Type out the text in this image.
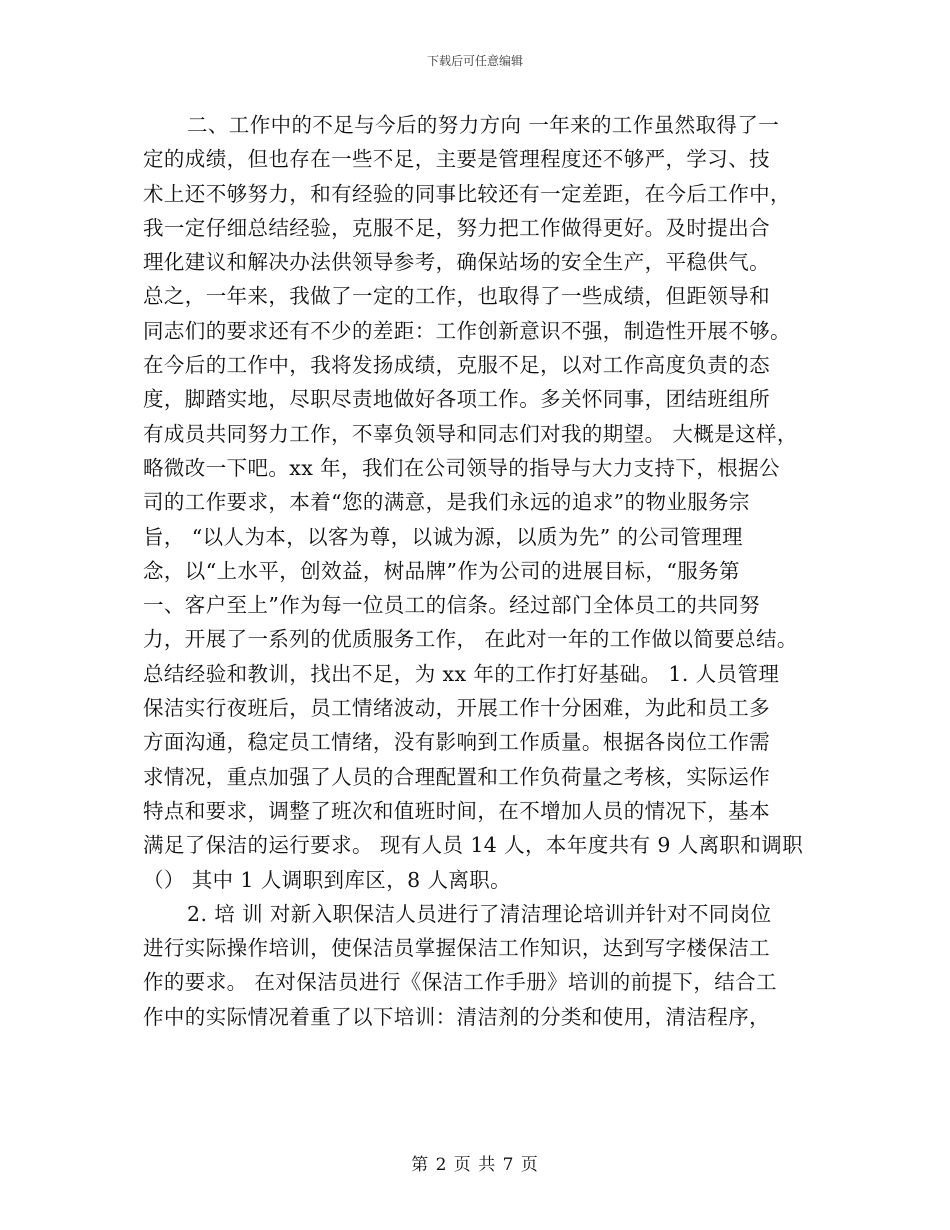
下载后可任意编辑
二、工作中的不足与今后的努力方向 一年来的工作虽然取得了一
定的成绩，但也存在一些不足，主要是管理程度还不够严，学习、技
术上还不够努力，和有经验的同事比较还有一定差距，在今后工作中，
我一定仔细总结经验，克服不足，努力把工作做得更好。及时提出合
理化建议和解决办法供领导参考，确保站场的安全生产，平稳供气。
总之，一年来，我做了一定的工作，也取得了一些成绩，但距领导和
同志们的要求还有不少的差距：工作创新意识不强，制造性开展不够。
在今后的工作中，我将发扬成绩，克服不足，以对工作高度负责的态
度，脚踏实地，尽职尽责地做好各项工作。多关怀同事，团结班组所
有成员共同努力工作，不辜负领导和同志们对我的期望。 大概是这样，
略微改一下吧。xx 年，我们在公司领导的指导与大力支持下，根据公
司的工作要求，本着“您的满意，是我们永远的追求”的物业服务宗
旨， “以人为本，以客为尊，以诚为源，以质为先” 的公司管理理
念，以“上水平，创效益，树品牌”作为公司的进展目标，“服务第
一、客户至上”作为每一位员工的信条。经过部门全体员工的共同努
力，开展了一系列的优质服务工作， 在此对一年的工作做以简要总结。
总结经验和教训，找出不足，为 xx 年的工作打好基础。 1. 人员管理
保洁实行夜班后，员工情绪波动，开展工作十分困难，为此和员工多
方面沟通，稳定员工情绪，没有影响到工作质量。根据各岗位工作需
求情况，重点加强了人员的合理配置和工作负荷量之考核，实际运作
特点和要求，调整了班次和值班时间，在不增加人员的情况下，基本
满足了保洁的运行要求。 现有人员 14 人，本年度共有 9 人离职和调职
（） 其中 1 人调职到库区，8 人离职。
2. 培 训 对新入职保洁人员进行了清洁理论培训并针对不同岗位
进行实际操作培训，使保洁员掌握保洁工作知识，达到写字楼保洁工
作的要求。 在对保洁员进行《保洁工作手册》培训的前提下，结合工
作中的实际情况着重了以下培训：清洁剂的分类和使用，清洁程序，
第 2 页 共 7 页
